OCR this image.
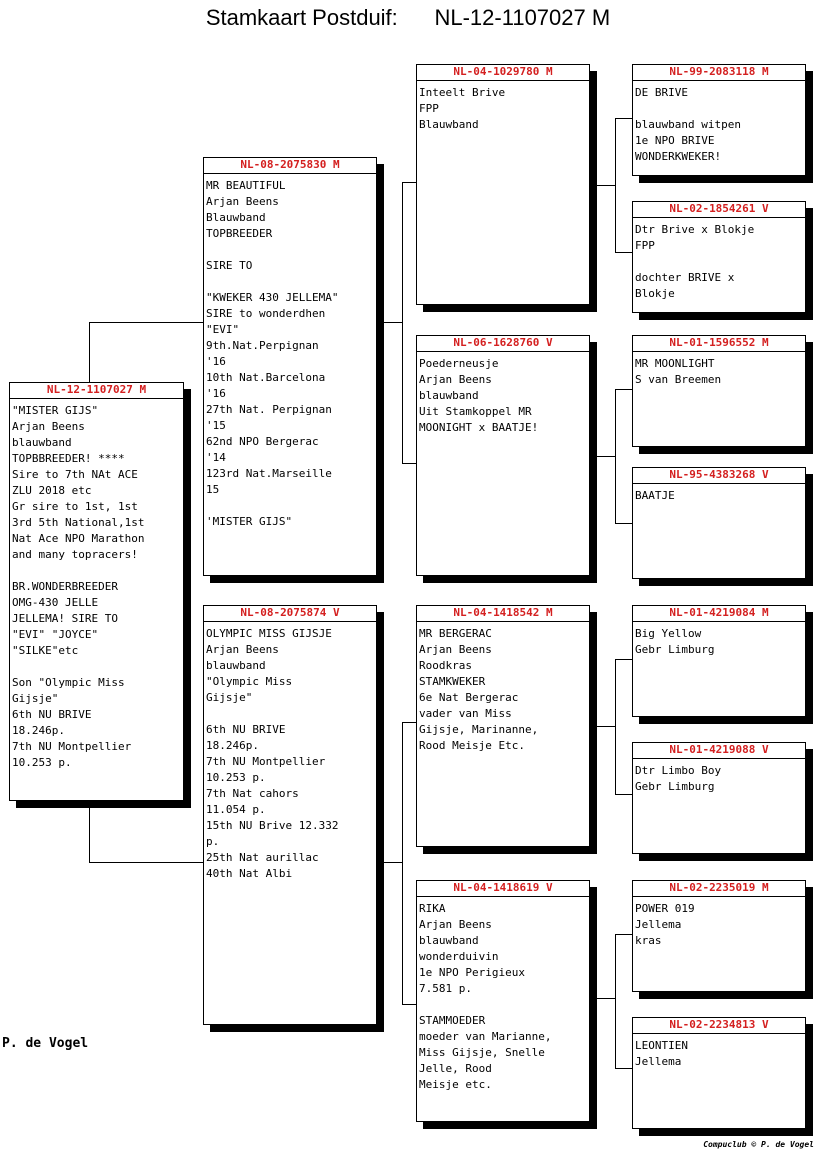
Stamkaart Postduif: NL-12-1107027 M
NL-12-1107027 M
"MISTER GIJS"
Arjan Beens
blauwband
TOPBBREEDER! ****
Sire to 7th NAt ACE
ZLU 2018 etc
Gr sire to 1st, 1st
3rd 5th National,1st
Nat Ace NPO Marathon
and many topracers!

BR.WONDERBREEDER
OMG-430 JELLE
JELLEMA! SIRE TO
"EVI" "JOYCE"
"SILKE"etc

Son "Olympic Miss
Gijsje"
6th NU BRIVE
18.246p.
7th NU Montpellier
10.253 p.
NL-08-2075830 M
MR BEAUTIFUL
Arjan Beens
Blauwband
TOPBREEDER

SIRE TO

"KWEKER 430 JELLEMA"
SIRE to wonderdhen
"EVI"
9th.Nat.Perpignan
'16
10th Nat.Barcelona
'16
27th Nat. Perpignan
'15
62nd NPO Bergerac
'14
123rd Nat.Marseille
15

'MISTER GIJS"
NL-08-2075874 V
OLYMPIC MISS GIJSJE
Arjan Beens
blauwband
"Olympic Miss
Gijsje"

6th NU BRIVE
18.246p.
7th NU Montpellier
10.253 p.
7th Nat cahors
11.054 p.
15th NU Brive 12.332
p.
25th Nat aurillac
40th Nat Albi
NL-04-1029780 M
Inteelt Brive
FPP
Blauwband
NL-06-1628760 V
Poederneusje
Arjan Beens
blauwband
Uit Stamkoppel MR
MOONIGHT x BAATJE!
NL-04-1418542 M
MR BERGERAC
Arjan Beens
Roodkras
STAMKWEKER
6e Nat Bergerac
vader van Miss
Gijsje, Marinanne,
Rood Meisje Etc.
NL-04-1418619 V
RIKA
Arjan Beens
blauwband
wonderduivin
1e NPO Perigieux
7.581 p.

STAMMOEDER
moeder van Marianne,
Miss Gijsje, Snelle
Jelle, Rood
Meisje etc.
NL-99-2083118 M
DE BRIVE

blauwband witpen
1e NPO BRIVE
WONDERKWEKER!
NL-02-1854261 V
Dtr Brive x Blokje
FPP

dochter BRIVE x
Blokje
NL-01-1596552 M
MR MOONLIGHT
S van Breemen
NL-95-4383268 V
BAATJE
NL-01-4219084 M
Big Yellow
Gebr Limburg
NL-01-4219088 V
Dtr Limbo Boy
Gebr Limburg
NL-02-2235019 M
POWER 019
Jellema
kras
NL-02-2234813 V
LEONTIEN
Jellema
P. de Vogel
Compuclub © P. de Vogel
